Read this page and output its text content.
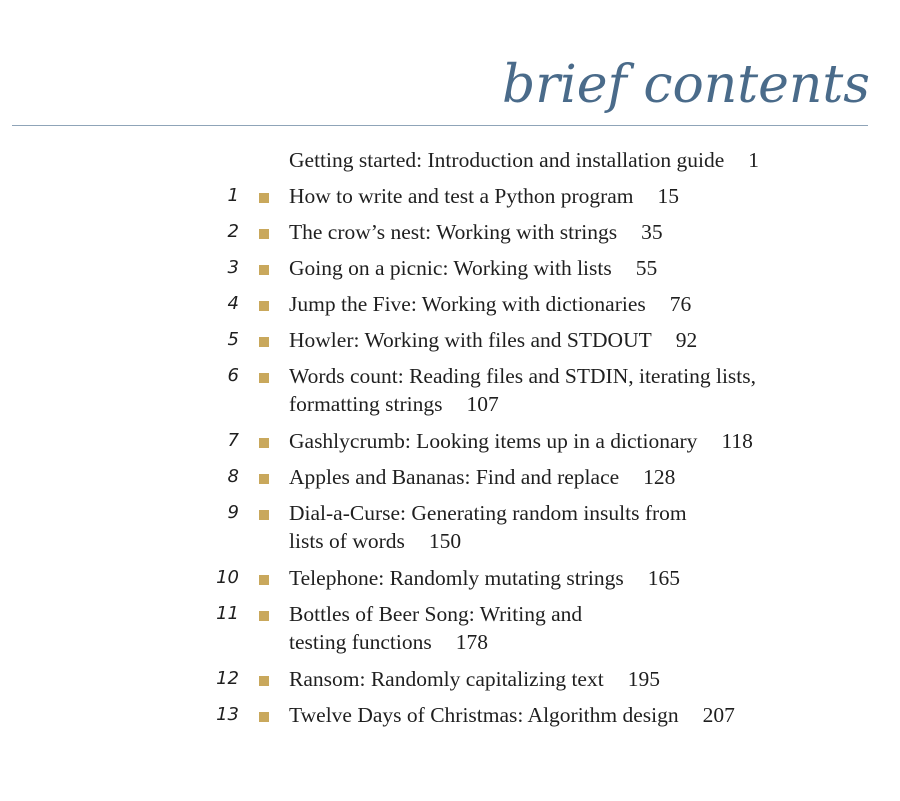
brief contents
Getting started: Introduction and installation guide 1
1 How to write and test a Python program 15
2 The crow’s nest: Working with strings 35
3 Going on a picnic: Working with lists 55
4 Jump the Five: Working with dictionaries 76
5 Howler: Working with files and STDOUT 92
6 Words count: Reading files and STDIN, iterating lists,
formatting strings 107
7 Gashlycrumb: Looking items up in a dictionary 118
8 Apples and Bananas: Find and replace 128
9 Dial-a-Curse: Generating random insults from
lists of words 150
10 Telephone: Randomly mutating strings 165
11 Bottles of Beer Song: Writing and
testing functions 178
12 Ransom: Randomly capitalizing text 195
13 Twelve Days of Christmas: Algorithm design 207
